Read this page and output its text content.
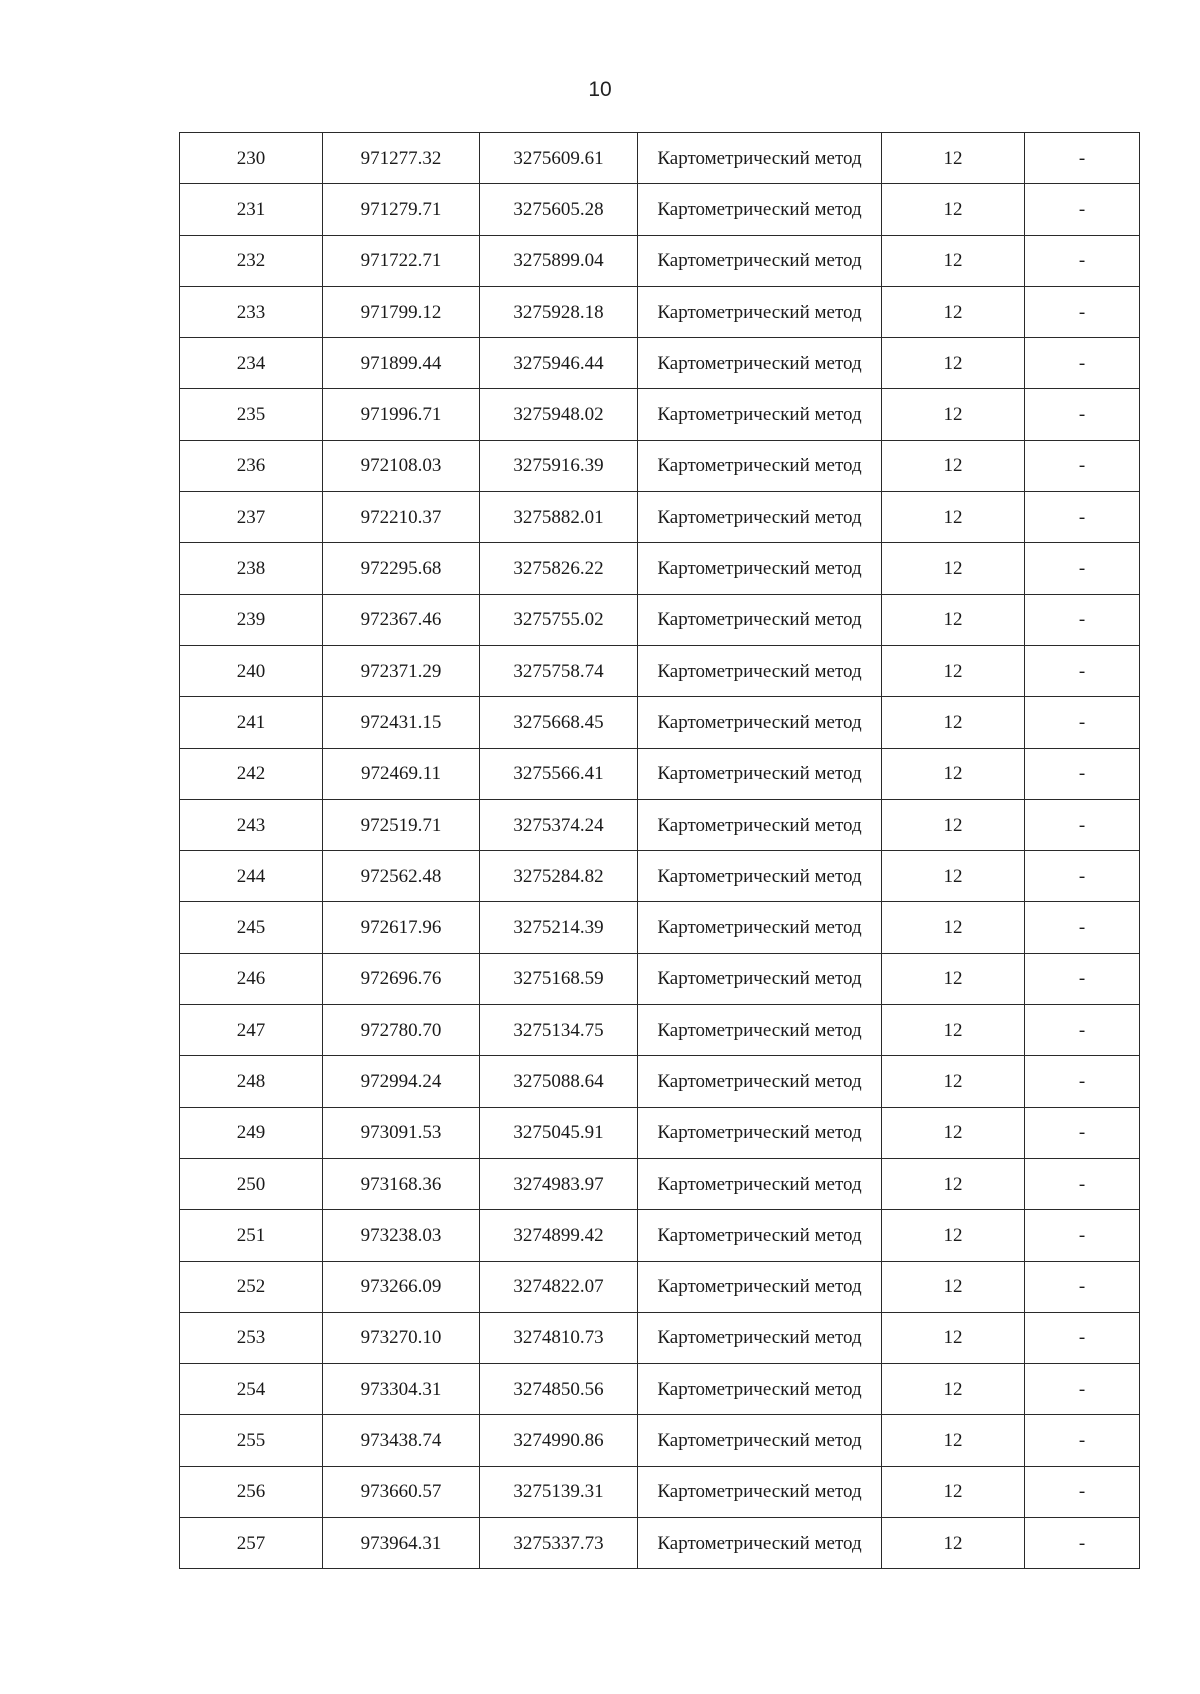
10
230	971277.32	3275609.61	Картометрический метод	12	-
231	971279.71	3275605.28	Картометрический метод	12	-
232	971722.71	3275899.04	Картометрический метод	12	-
233	971799.12	3275928.18	Картометрический метод	12	-
234	971899.44	3275946.44	Картометрический метод	12	-
235	971996.71	3275948.02	Картометрический метод	12	-
236	972108.03	3275916.39	Картометрический метод	12	-
237	972210.37	3275882.01	Картометрический метод	12	-
238	972295.68	3275826.22	Картометрический метод	12	-
239	972367.46	3275755.02	Картометрический метод	12	-
240	972371.29	3275758.74	Картометрический метод	12	-
241	972431.15	3275668.45	Картометрический метод	12	-
242	972469.11	3275566.41	Картометрический метод	12	-
243	972519.71	3275374.24	Картометрический метод	12	-
244	972562.48	3275284.82	Картометрический метод	12	-
245	972617.96	3275214.39	Картометрический метод	12	-
246	972696.76	3275168.59	Картометрический метод	12	-
247	972780.70	3275134.75	Картометрический метод	12	-
248	972994.24	3275088.64	Картометрический метод	12	-
249	973091.53	3275045.91	Картометрический метод	12	-
250	973168.36	3274983.97	Картометрический метод	12	-
251	973238.03	3274899.42	Картометрический метод	12	-
252	973266.09	3274822.07	Картометрический метод	12	-
253	973270.10	3274810.73	Картометрический метод	12	-
254	973304.31	3274850.56	Картометрический метод	12	-
255	973438.74	3274990.86	Картометрический метод	12	-
256	973660.57	3275139.31	Картометрический метод	12	-
257	973964.31	3275337.73	Картометрический метод	12	-
